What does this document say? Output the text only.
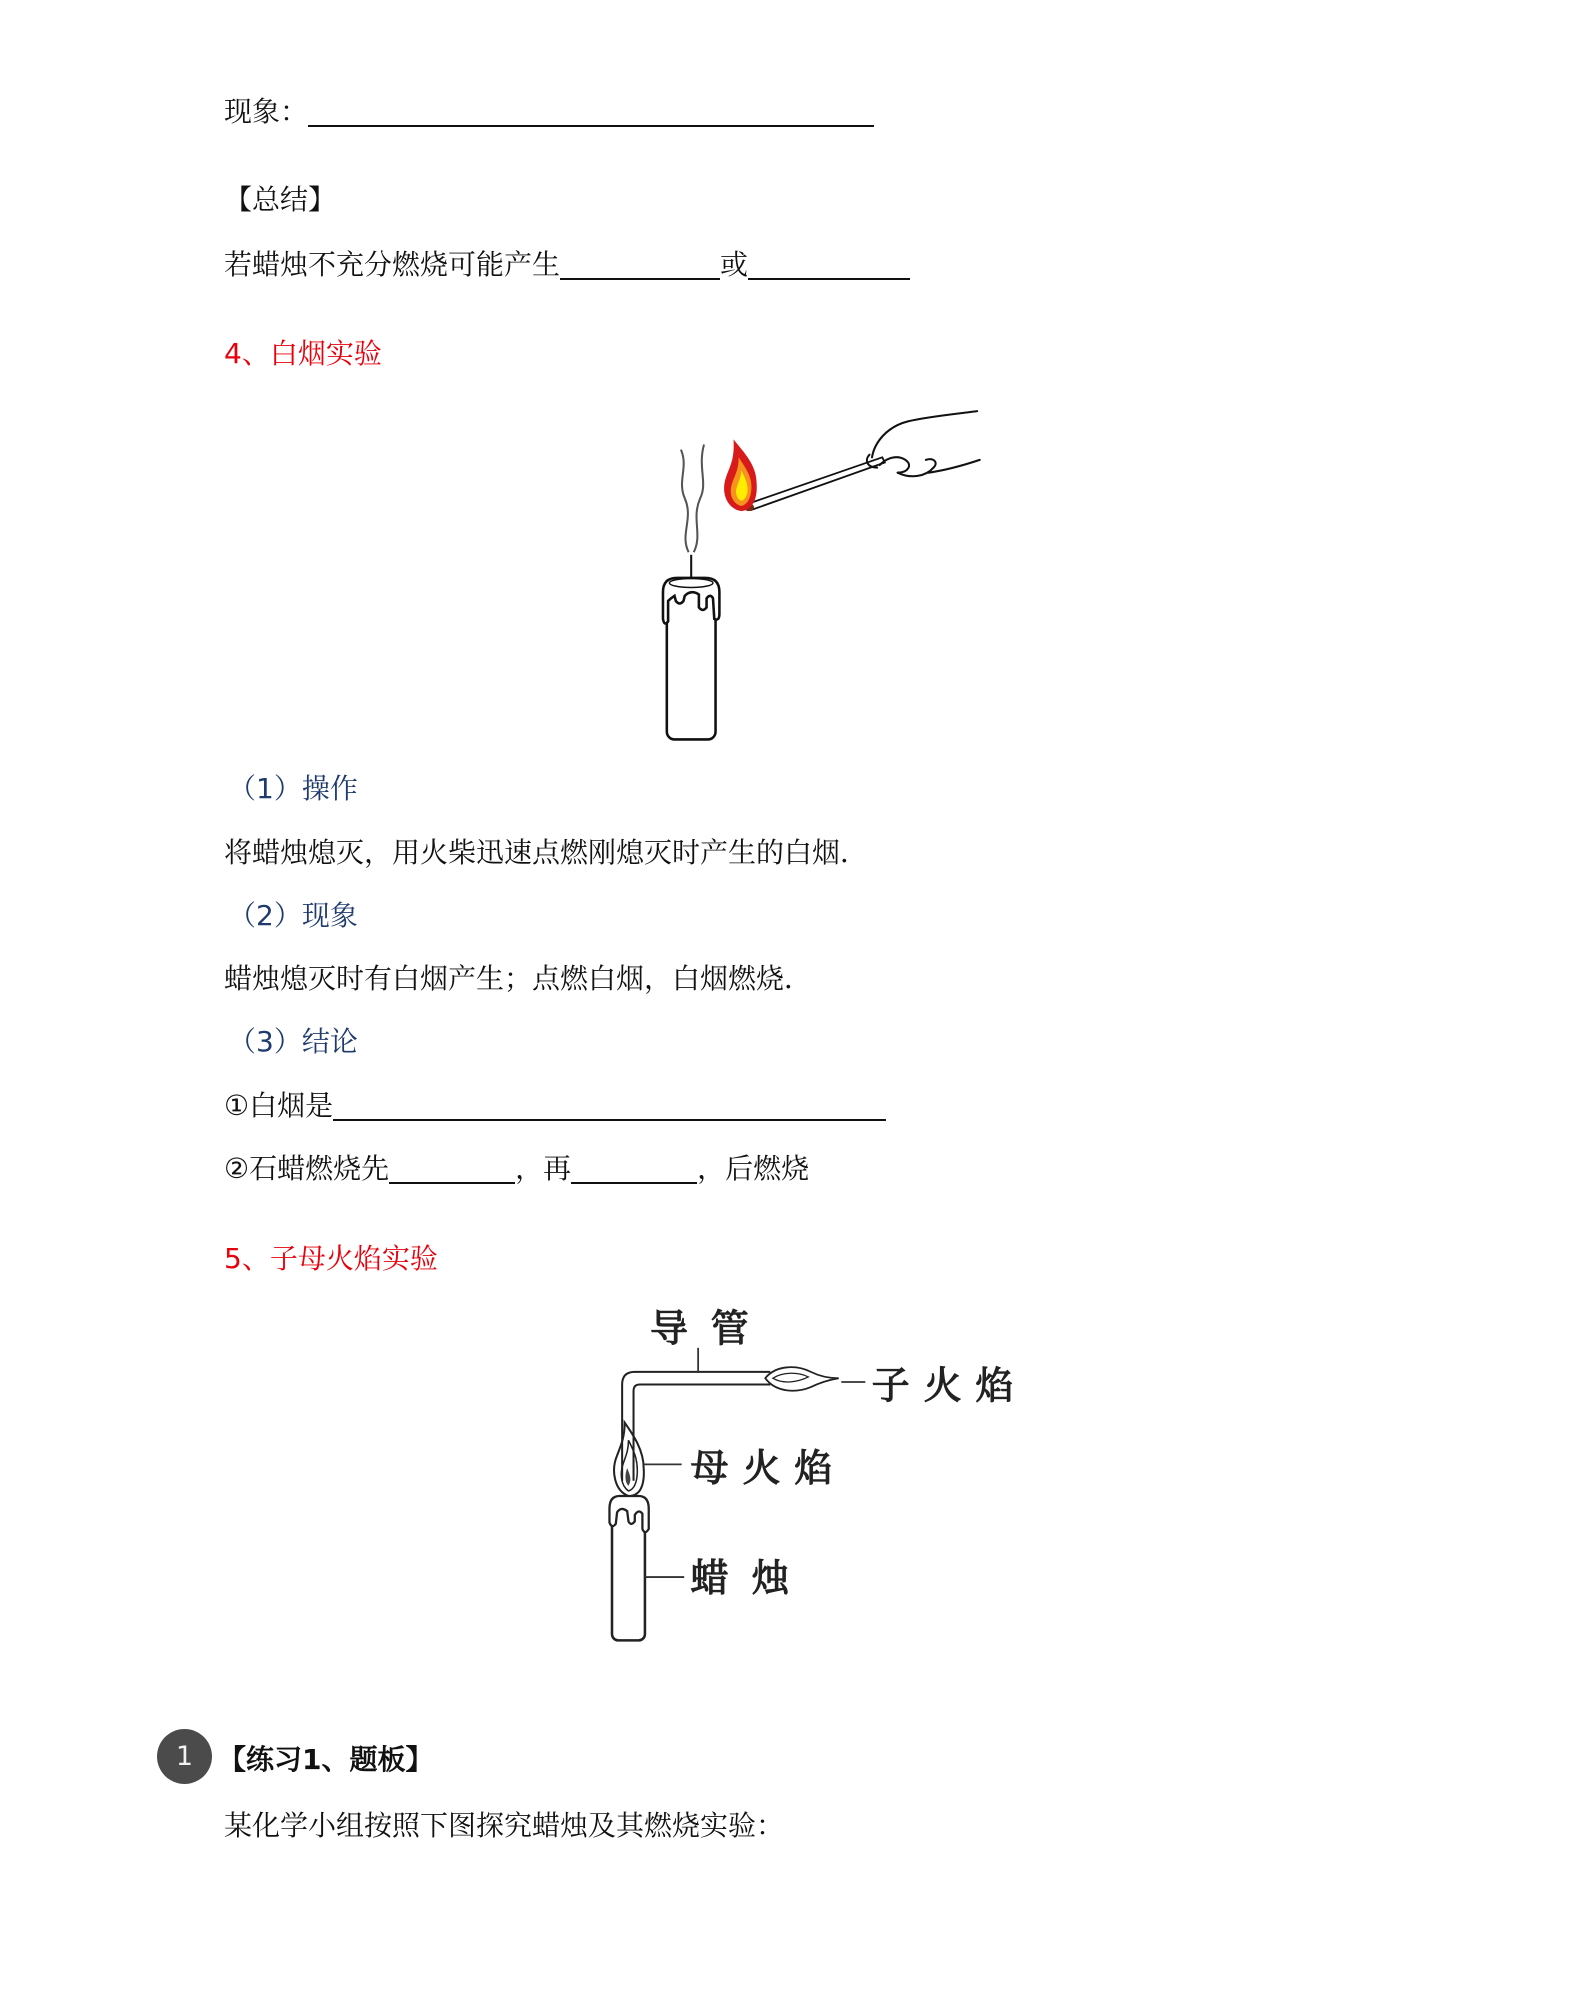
现象：
【总结】
若蜡烛不充分燃烧可能产生	或
4、白烟实验
（1）操作
将蜡烛熄灭，用火柴迅速点燃刚熄灭时产生的白烟．
（2）现象
蜡烛熄灭时有白烟产生；点燃白烟，白烟燃烧．
（3）结论
①白烟是
②石蜡燃烧先	，再	，后燃烧
5、子母火焰实验
导管
子火焰
母火焰
蜡烛
1 【练习1、题板】
某化学小组按照下图探究蜡烛及其燃烧实验：
